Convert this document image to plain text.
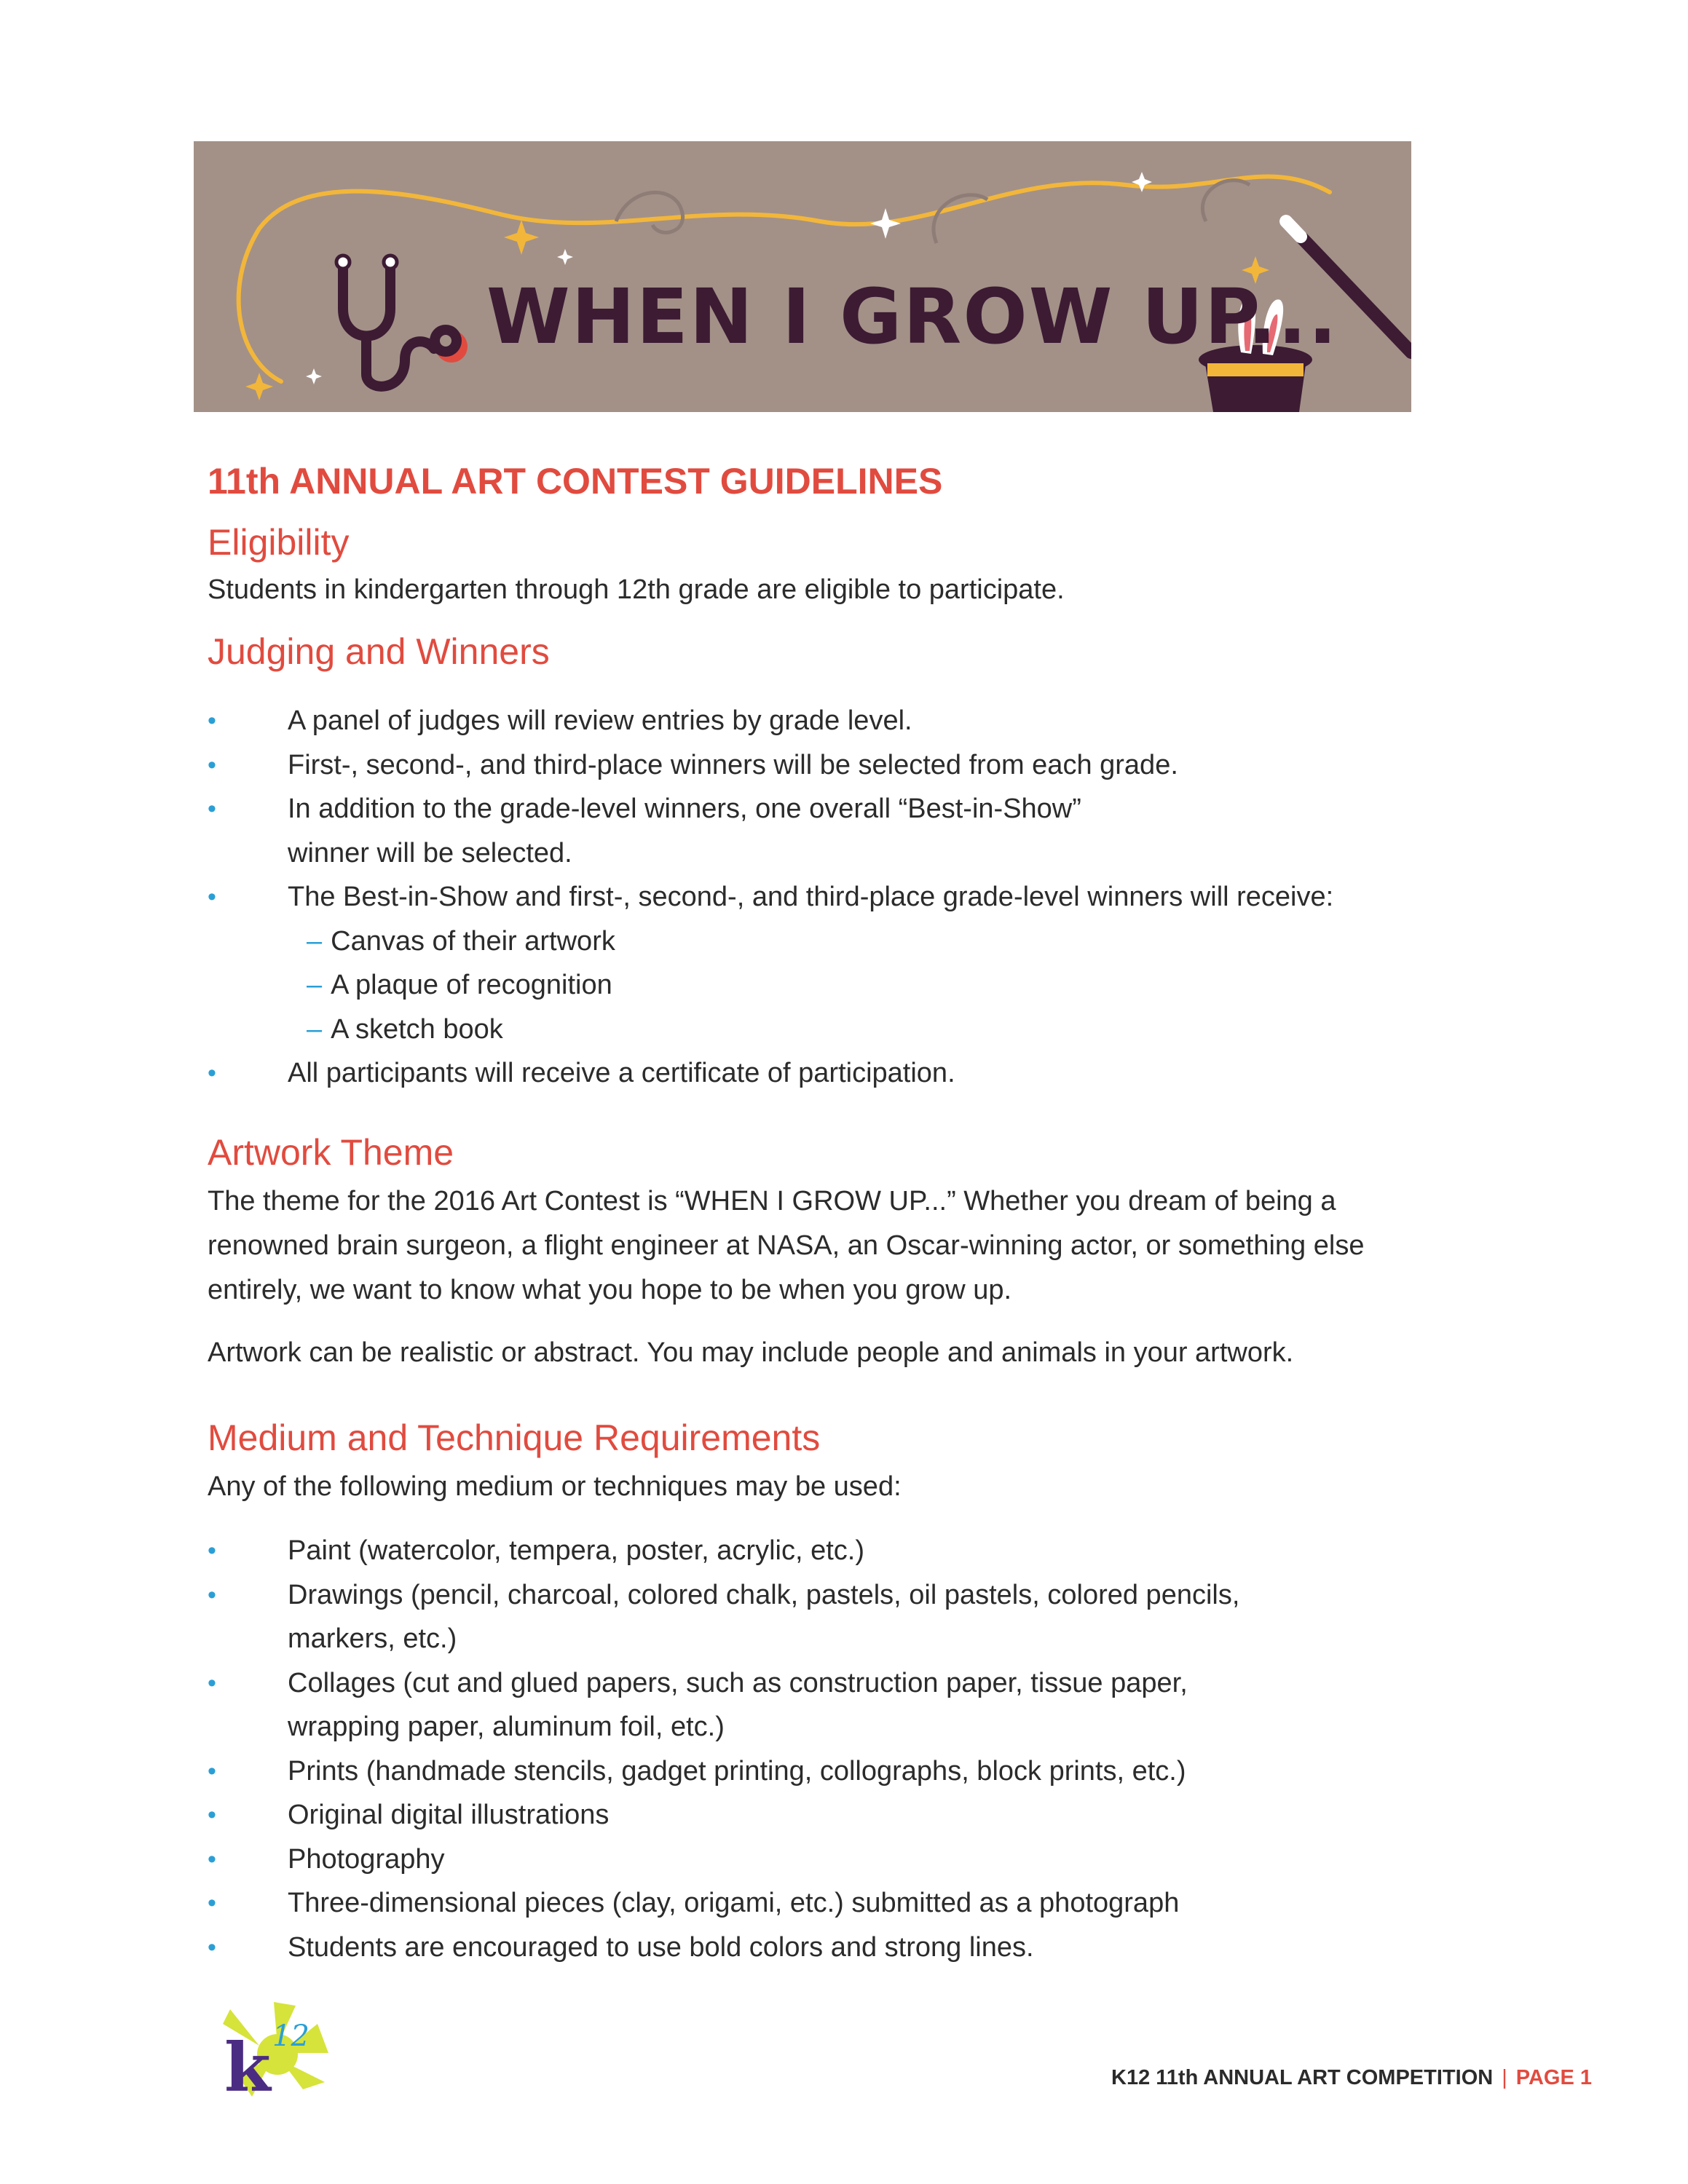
WHEN I GROW UP...
11th ANNUAL ART CONTEST GUIDELINES
Eligibility
Students in kindergarten through 12th grade are eligible to participate.
Judging and Winners
•	A panel of judges will review entries by grade level.
•	First-, second-, and third-place winners will be selected from each grade.
•	In addition to the grade-level winners, one overall “Best-in-Show”
winner will be selected.
•	The Best-in-Show and first-, second-, and third-place grade-level winners will receive:
– Canvas of their artwork
– A plaque of recognition
– A sketch book
•	All participants will receive a certificate of participation.
Artwork Theme
The theme for the 2016 Art Contest is “WHEN I GROW UP...” Whether you dream of being a
renowned brain surgeon, a flight engineer at NASA, an Oscar-winning actor, or something else
entirely, we want to know what you hope to be when you grow up.
Artwork can be realistic or abstract. You may include people and animals in your artwork.
Medium and Technique Requirements
Any of the following medium or techniques may be used:
•	Paint (watercolor, tempera, poster, acrylic, etc.)
•	Drawings (pencil, charcoal, colored chalk, pastels, oil pastels, colored pencils,
markers, etc.)
•	Collages (cut and glued papers, such as construction paper, tissue paper,
wrapping paper, aluminum foil, etc.)
•	Prints (handmade stencils, gadget printing, collographs, block prints, etc.)
•	Original digital illustrations
•	Photography
•	Three-dimensional pieces (clay, origami, etc.) submitted as a photograph
•	Students are encouraged to use bold colors and strong lines.
k 12
K12 11th ANNUAL ART COMPETITION | PAGE 1
